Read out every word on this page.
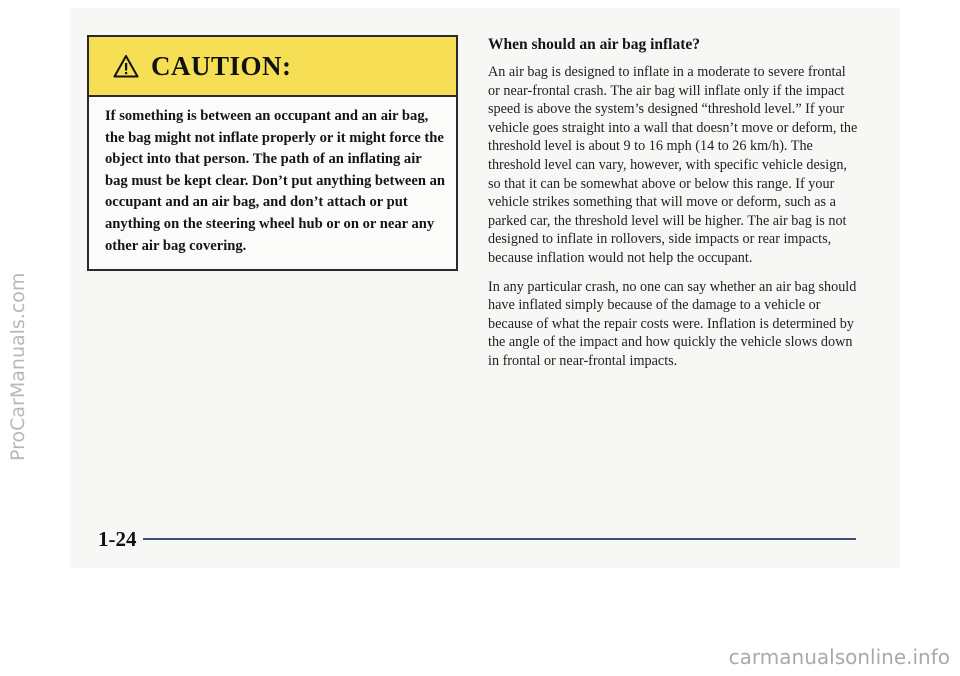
CAUTION:

If something is between an occupant and an air bag, the bag might not inflate properly or it might force the object into that person. The path of an inflating air bag must be kept clear. Don’t put anything between an occupant and an air bag, and don’t attach or put anything on the steering wheel hub or on or near any other air bag covering.

When should an air bag inflate?

An air bag is designed to inflate in a moderate to severe frontal or near-frontal crash. The air bag will inflate only if the impact speed is above the system’s designed “threshold level.” If your vehicle goes straight into a wall that doesn’t move or deform, the threshold level is about 9 to 16 mph (14 to 26 km/h). The threshold level can vary, however, with specific vehicle design, so that it can be somewhat above or below this range. If your vehicle strikes something that will move or deform, such as a parked car, the threshold level will be higher. The air bag is not designed to inflate in rollovers, side impacts or rear impacts, because inflation would not help the occupant.

In any particular crash, no one can say whether an air bag should have inflated simply because of the damage to a vehicle or because of what the repair costs were. Inflation is determined by the angle of the impact and how quickly the vehicle slows down in frontal or near-frontal impacts.

1-24
ProCarManuals.com
carmanualsonline.info
